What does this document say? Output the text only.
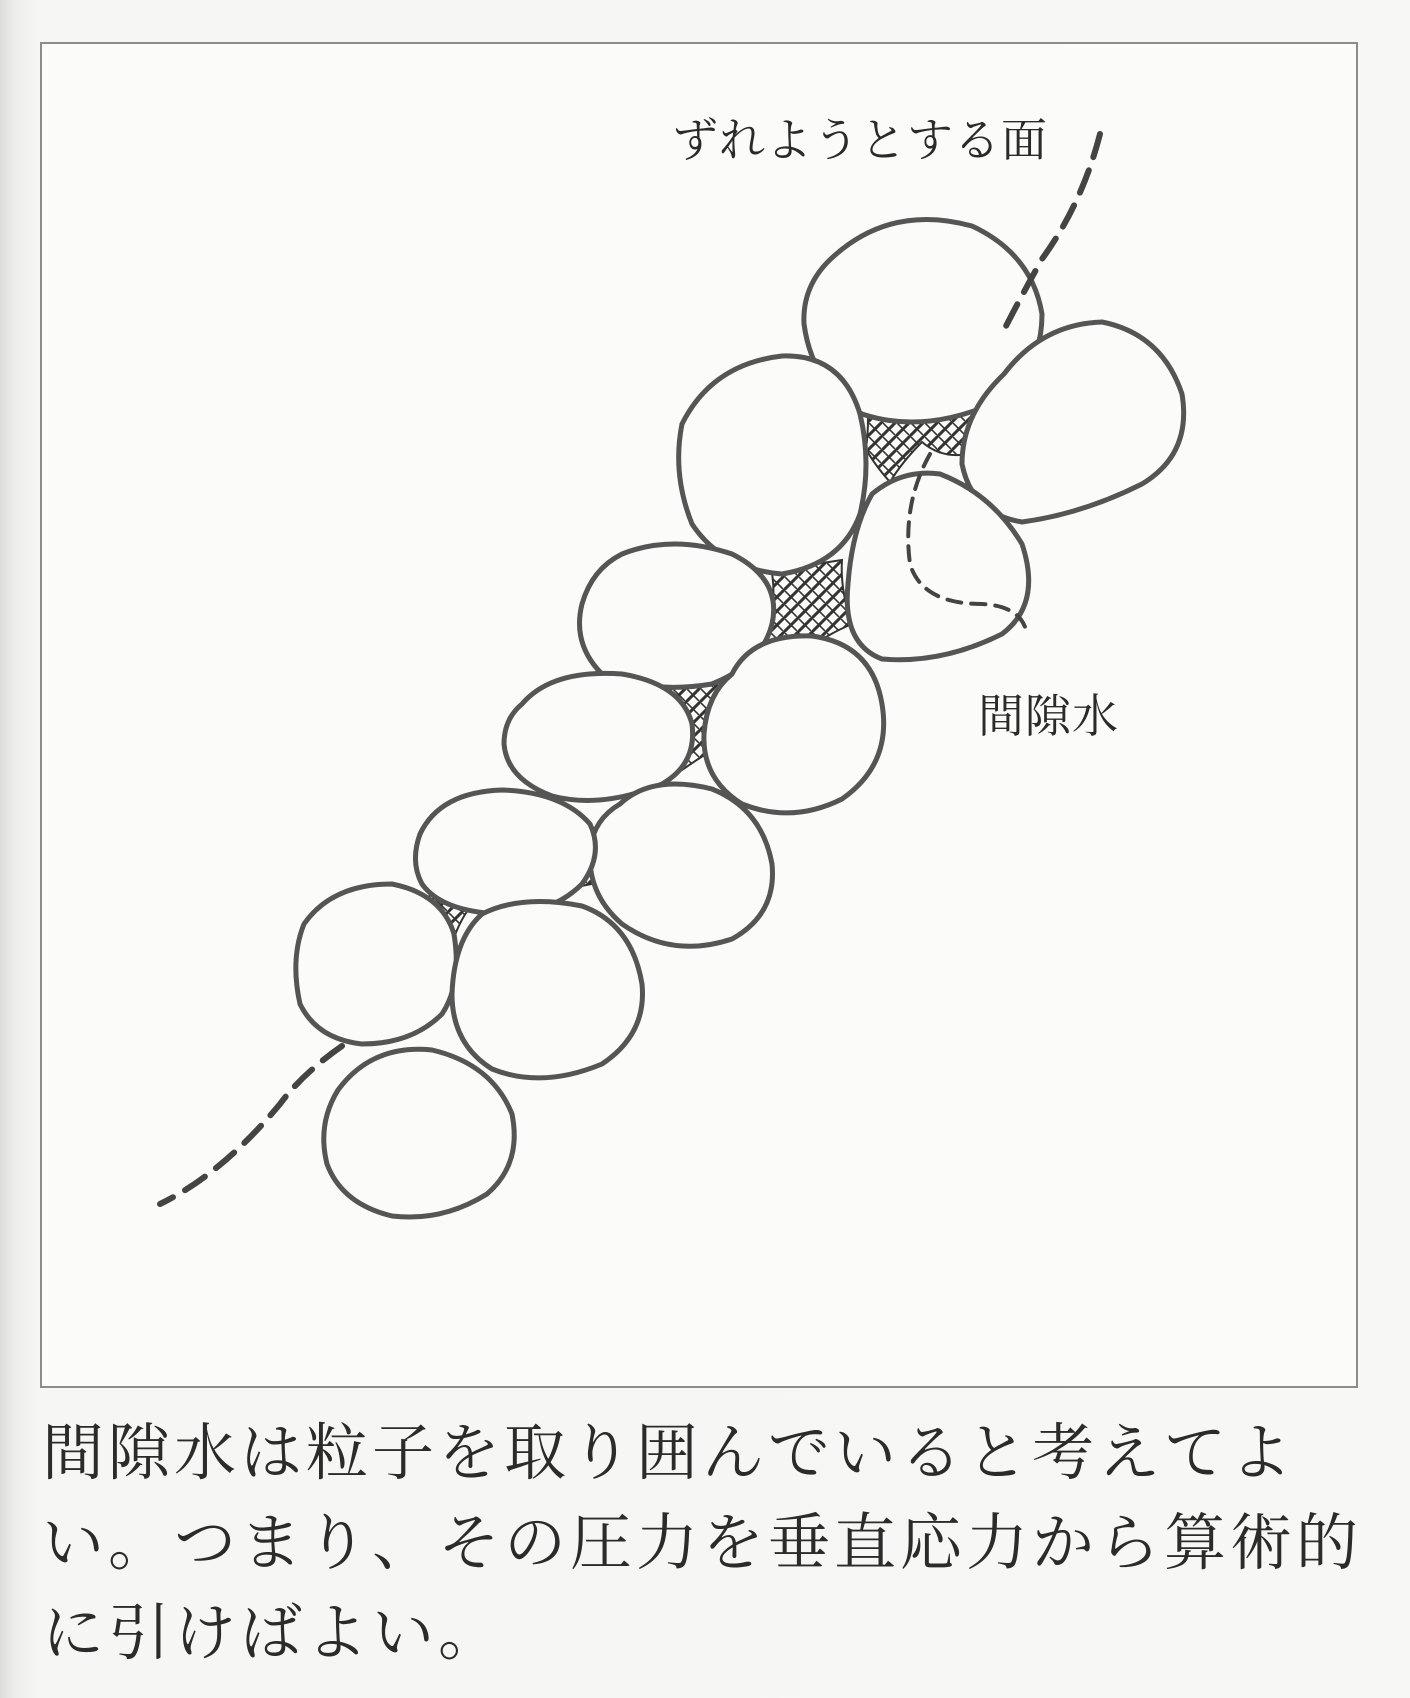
ずれようとする面
間隙水
間隙水は粒子を取り囲んでいると考えてよ
い。つまり、その圧力を垂直応力から算術的
に引けばよい。
